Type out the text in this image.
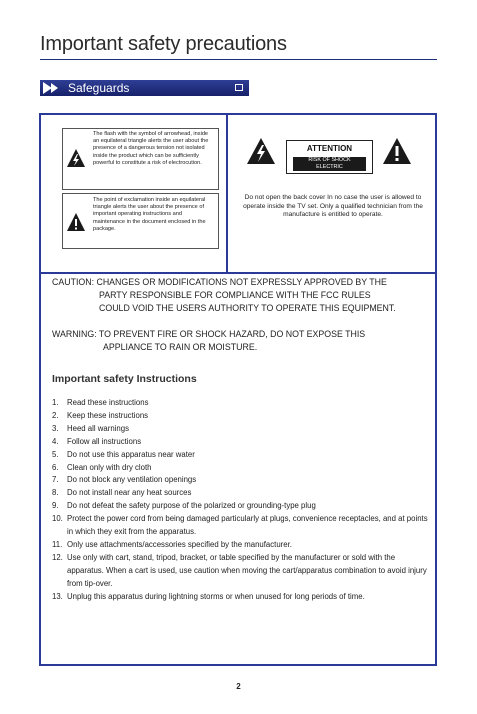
Important safety precautions
Safeguards
The flash with the symbol of arrowhead, inside an equilateral triangle alerts the user about the presence of a dangerous tension not isolated inside the product which can be sufficiently powerful to constitute a risk of electrocution.
The point of exclamation inside an equilateral triangle alerts the user about the presence of important operating instructions and maintenance in the document enclosed in the package.
ATTENTION
RISK OF SHOCK
ELECTRIC
Do not open the back cover In no case the user is allowed to operate inside the TV set. Only a qualified technician from the manufacture is entitled to operate.
CAUTION: CHANGES OR MODIFICATIONS NOT EXPRESSLY APPROVED BY THE
PARTY RESPONSIBLE FOR COMPLIANCE WITH THE FCC RULES
COULD VOID THE USERS AUTHORITY TO OPERATE THIS EQUIPMENT.
WARNING: TO PREVENT FIRE OR SHOCK HAZARD, DO NOT EXPOSE THIS
APPLIANCE TO RAIN OR MOISTURE.
Important safety Instructions
1.	Read these instructions
2.	Keep these instructions
3.	Heed all warnings
4.	Follow all instructions
5.	Do not use this apparatus near water
6.	Clean only with dry cloth
7.	Do not block any ventilation openings
8.	Do not install near any heat sources
9.	Do not defeat the safety purpose of the polarized or grounding-type plug
10. Protect the power cord from being damaged particularly at plugs, convenience receptacles, and at points in which they exit from the apparatus.
11. Only use attachments/accessories specified by the manufacturer.
12. Use only with cart, stand, tripod, bracket, or table specified by the manufacturer or sold with the apparatus. When a cart is used, use caution when moving the cart/apparatus combination to avoid injury from tip-over.
13. Unplug this apparatus during lightning storms or when unused for long periods of time.
2
